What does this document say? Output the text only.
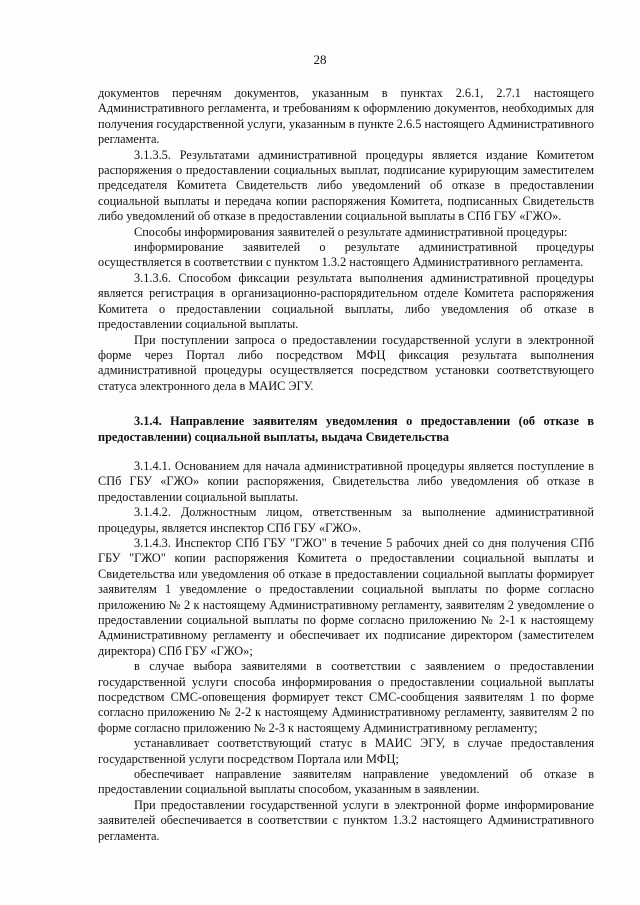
28

документов перечням документов, указанным в пунктах 2.6.1, 2.7.1 настоящего Административного регламента, и требованиям к оформлению документов, необходимых для получения государственной услуги, указанным в пункте 2.6.5 настоящего Административного регламента.

3.1.3.5. Результатами административной процедуры является издание Комитетом распоряжения о предоставлении социальных выплат, подписание курирующим заместителем председателя Комитета Свидетельств либо уведомлений об отказе в предоставлении социальной выплаты и передача копии распоряжения Комитета, подписанных Свидетельств либо уведомлений об отказе в предоставлении социальной выплаты в СПб ГБУ «ГЖО».

Способы информирования заявителей о результате административной процедуры:

информирование заявителей о результате административной процедуры осуществляется в соответствии с пунктом 1.3.2 настоящего Административного регламента.

3.1.3.6. Способом фиксации результата выполнения административной процедуры является регистрация в организационно-распорядительном отделе Комитета распоряжения Комитета о предоставлении социальной выплаты, либо уведомления об отказе в предоставлении социальной выплаты.

При поступлении запроса о предоставлении государственной услуги в электронной форме через Портал либо посредством МФЦ фиксация результата выполнения административной процедуры осуществляется посредством установки соответствующего статуса электронного дела в МАИС ЭГУ.

3.1.4. Направление заявителям уведомления о предоставлении (об отказе в предоставлении) социальной выплаты, выдача Свидетельства

3.1.4.1. Основанием для начала административной процедуры является поступление в СПб ГБУ «ГЖО» копии распоряжения, Свидетельства либо уведомления об отказе в предоставлении социальной выплаты.

3.1.4.2. Должностным лицом, ответственным за выполнение административной процедуры, является инспектор СПб ГБУ «ГЖО».

3.1.4.3. Инспектор СПб ГБУ "ГЖО" в течение 5 рабочих дней со дня получения СПб ГБУ "ГЖО" копии распоряжения Комитета о предоставлении социальной выплаты и Свидетельства или уведомления об отказе в предоставлении социальной выплаты формирует заявителям 1 уведомление о предоставлении социальной выплаты по форме согласно приложению № 2 к настоящему Административному регламенту, заявителям 2 уведомление о предоставлении социальной выплаты по форме согласно приложению № 2-1 к настоящему Административному регламенту и обеспечивает их подписание директором (заместителем директора) СПб ГБУ «ГЖО»;

в случае выбора заявителями в соответствии с заявлением о предоставлении государственной услуги способа информирования о предоставлении социальной выплаты посредством СМС-оповещения формирует текст СМС-сообщения заявителям 1 по форме согласно приложению № 2-2 к настоящему Административному регламенту, заявителям 2 по форме согласно приложению № 2-3 к настоящему Административному регламенту;

устанавливает соответствующий статус в МАИС ЭГУ, в случае предоставления государственной услуги посредством Портала или МФЦ;

обеспечивает направление заявителям направление уведомлений об отказе в предоставлении социальной выплаты способом, указанным в заявлении.

При предоставлении государственной услуги в электронной форме информирование заявителей обеспечивается в соответствии с пунктом 1.3.2 настоящего Административного регламента.
